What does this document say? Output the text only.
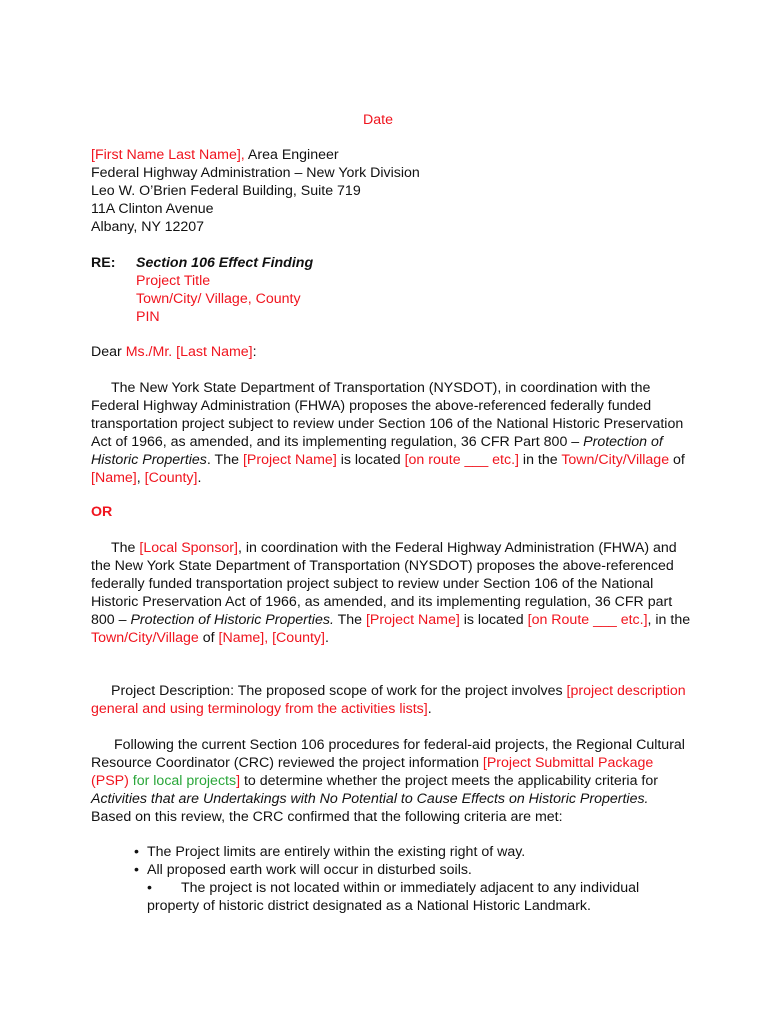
Date
[First Name Last Name], Area Engineer
Federal Highway Administration – New York Division
Leo W. O’Brien Federal Building, Suite 719
11A Clinton Avenue
Albany, NY 12207
RE: Section 106 Effect Finding
Project Title
Town/City/ Village, County
PIN
Dear Ms./Mr. [Last Name]:

The New York State Department of Transportation (NYSDOT), in coordination with the Federal Highway Administration (FHWA) proposes the above-referenced federally funded transportation project subject to review under Section 106 of the National Historic Preservation Act of 1966, as amended, and its implementing regulation, 36 CFR Part 800 – Protection of Historic Properties. The [Project Name] is located [on route ___ etc.] in the Town/City/Village of [Name], [County].

OR

The [Local Sponsor], in coordination with the Federal Highway Administration (FHWA) and the New York State Department of Transportation (NYSDOT) proposes the above-referenced federally funded transportation project subject to review under Section 106 of the National Historic Preservation Act of 1966, as amended, and its implementing regulation, 36 CFR part 800 – Protection of Historic Properties. The [Project Name] is located [on Route ___ etc.], in the Town/City/Village of [Name], [County].

Project Description: The proposed scope of work for the project involves [project description general and using terminology from the activities lists].

Following the current Section 106 procedures for federal-aid projects, the Regional Cultural Resource Coordinator (CRC) reviewed the project information [Project Submittal Package (PSP) for local projects] to determine whether the project meets the applicability criteria for Activities that are Undertakings with No Potential to Cause Effects on Historic Properties. Based on this review, the CRC confirmed that the following criteria are met:

• The Project limits are entirely within the existing right of way.
• All proposed earth work will occur in disturbed soils.
• The project is not located within or immediately adjacent to any individual property of historic district designated as a National Historic Landmark.
